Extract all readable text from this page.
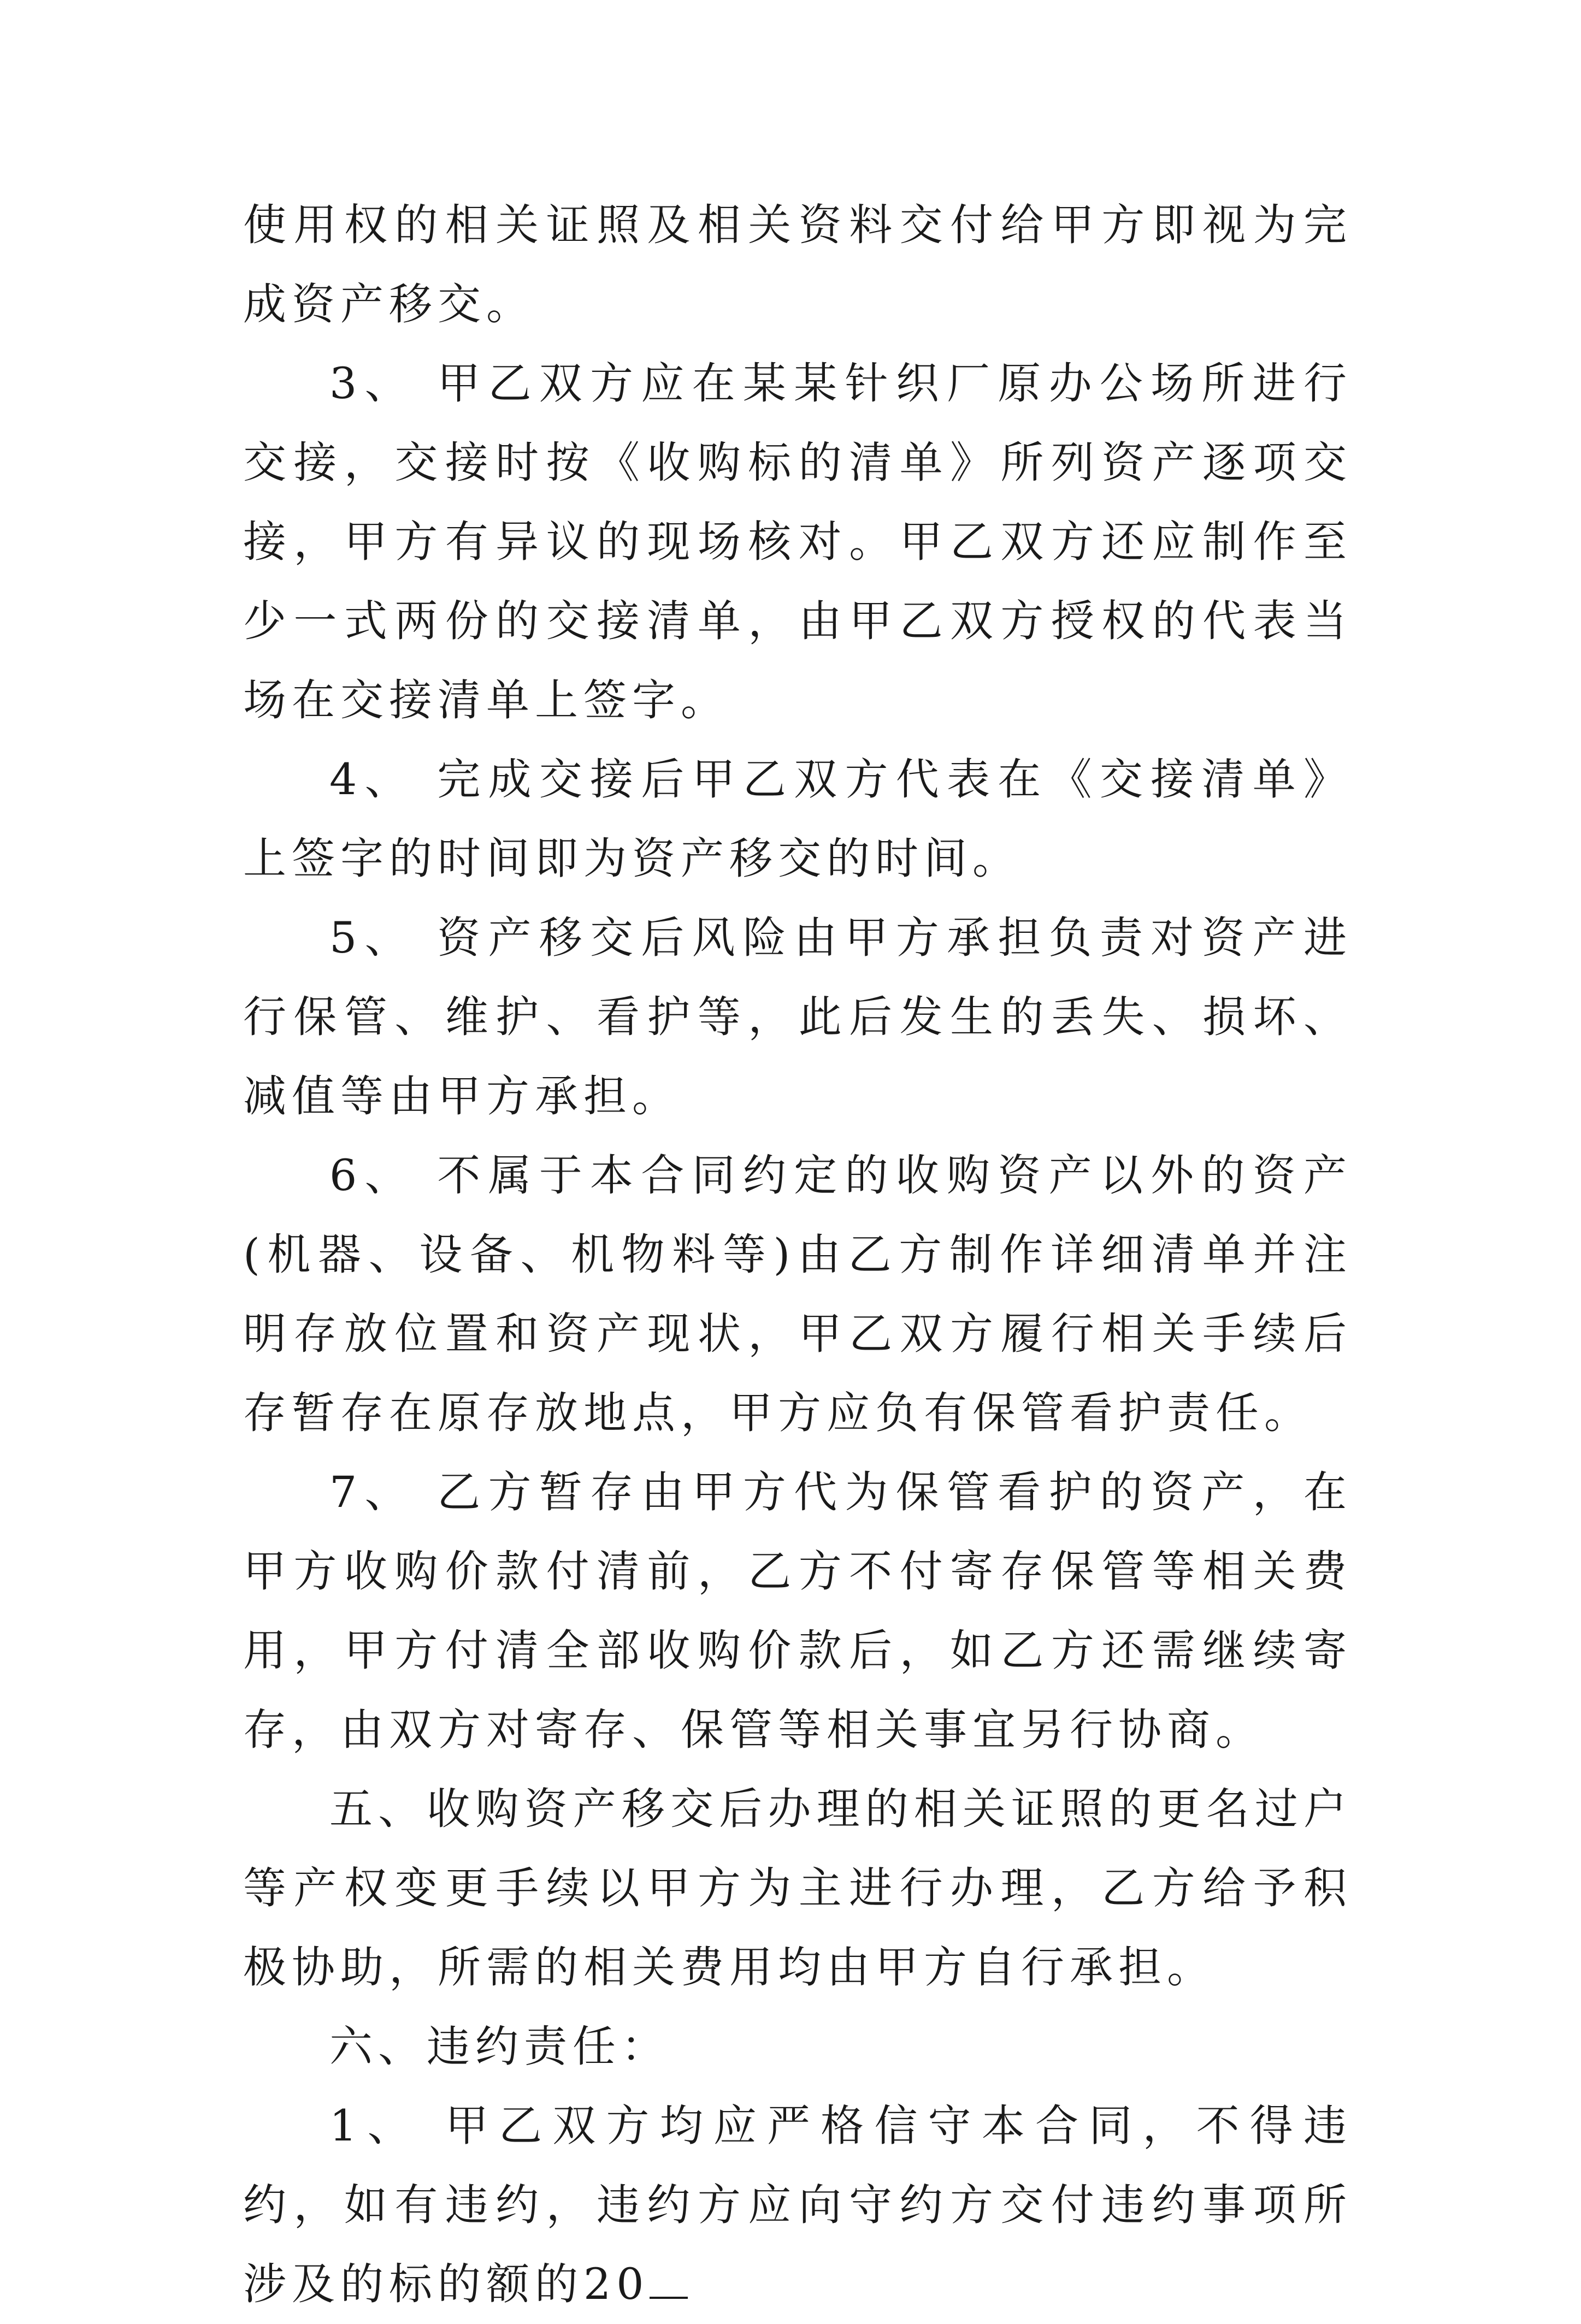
使用权的相关证照及相关资料交付给甲方即视为完成资产移交。

3、 甲乙双方应在某某针织厂原办公场所进行交接，交接时按《收购标的清单》所列资产逐项交接，甲方有异议的现场核对。甲乙双方还应制作至少一式两份的交接清单，由甲乙双方授权的代表当场在交接清单上签字。

4、 完成交接后甲乙双方代表在《交接清单》上签字的时间即为资产移交的时间。

5、 资产移交后风险由甲方承担负责对资产进行保管、维护、看护等，此后发生的丢失、损坏、减值等由甲方承担。

6、 不属于本合同约定的收购资产以外的资产(机器、设备、机物料等)由乙方制作详细清单并注明存放位置和资产现状，甲乙双方履行相关手续后存暂存在原存放地点，甲方应负有保管看护责任。

7、 乙方暂存由甲方代为保管看护的资产，在甲方收购价款付清前，乙方不付寄存保管等相关费用，甲方付清全部收购价款后，如乙方还需继续寄存，由双方对寄存、保管等相关事宜另行协商。

五、收购资产移交后办理的相关证照的更名过户等产权变更手续以甲方为主进行办理，乙方给予积极协助，所需的相关费用均由甲方自行承担。

六、违约责任：

1、 甲乙双方均应严格信守本合同，不得违约，如有违约，违约方应向守约方交付违约事项所涉及的标的额的20
